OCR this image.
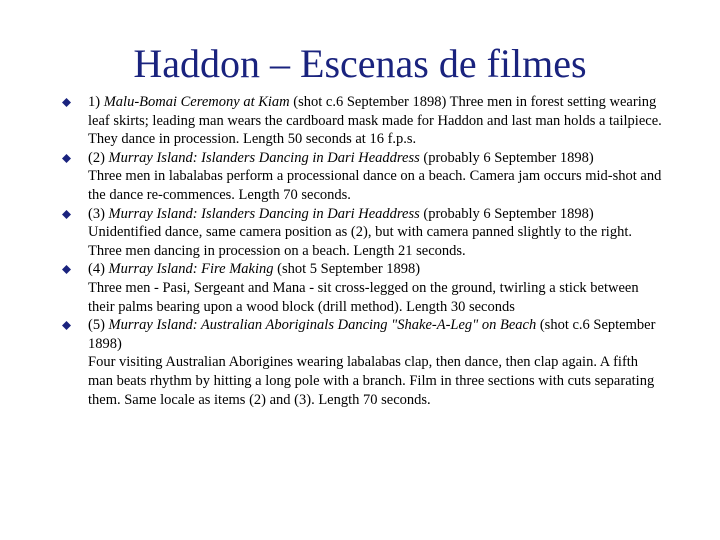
Haddon – Escenas de filmes
1) Malu-Bomai Ceremony at Kiam (shot c.6 September 1898) Three men in forest setting wearing leaf skirts; leading man wears the cardboard mask made for Haddon and last man holds a tailpiece. They dance in procession. Length 50 seconds at 16 f.p.s.
(2) Murray Island: Islanders Dancing in Dari Headdress (probably 6 September 1898)
Three men in labalabas perform a processional dance on a beach. Camera jam occurs mid-shot and the dance re-commences. Length 70 seconds.
(3) Murray Island: Islanders Dancing in Dari Headdress (probably 6 September 1898)
Unidentified dance, same camera position as (2), but with camera panned slightly to the right. Three men dancing in procession on a beach. Length 21 seconds.
(4) Murray Island: Fire Making (shot 5 September 1898)
Three men - Pasi, Sergeant and Mana - sit cross-legged on the ground, twirling a stick between their palms bearing upon a wood block (drill method). Length 30 seconds
(5) Murray Island: Australian Aboriginals Dancing "Shake-A-Leg" on Beach (shot c.6 September 1898)
Four visiting Australian Aborigines wearing labalabas clap, then dance, then clap again. A fifth man beats rhythm by hitting a long pole with a branch. Film in three sections with cuts separating them. Same locale as items (2) and (3). Length 70 seconds.
